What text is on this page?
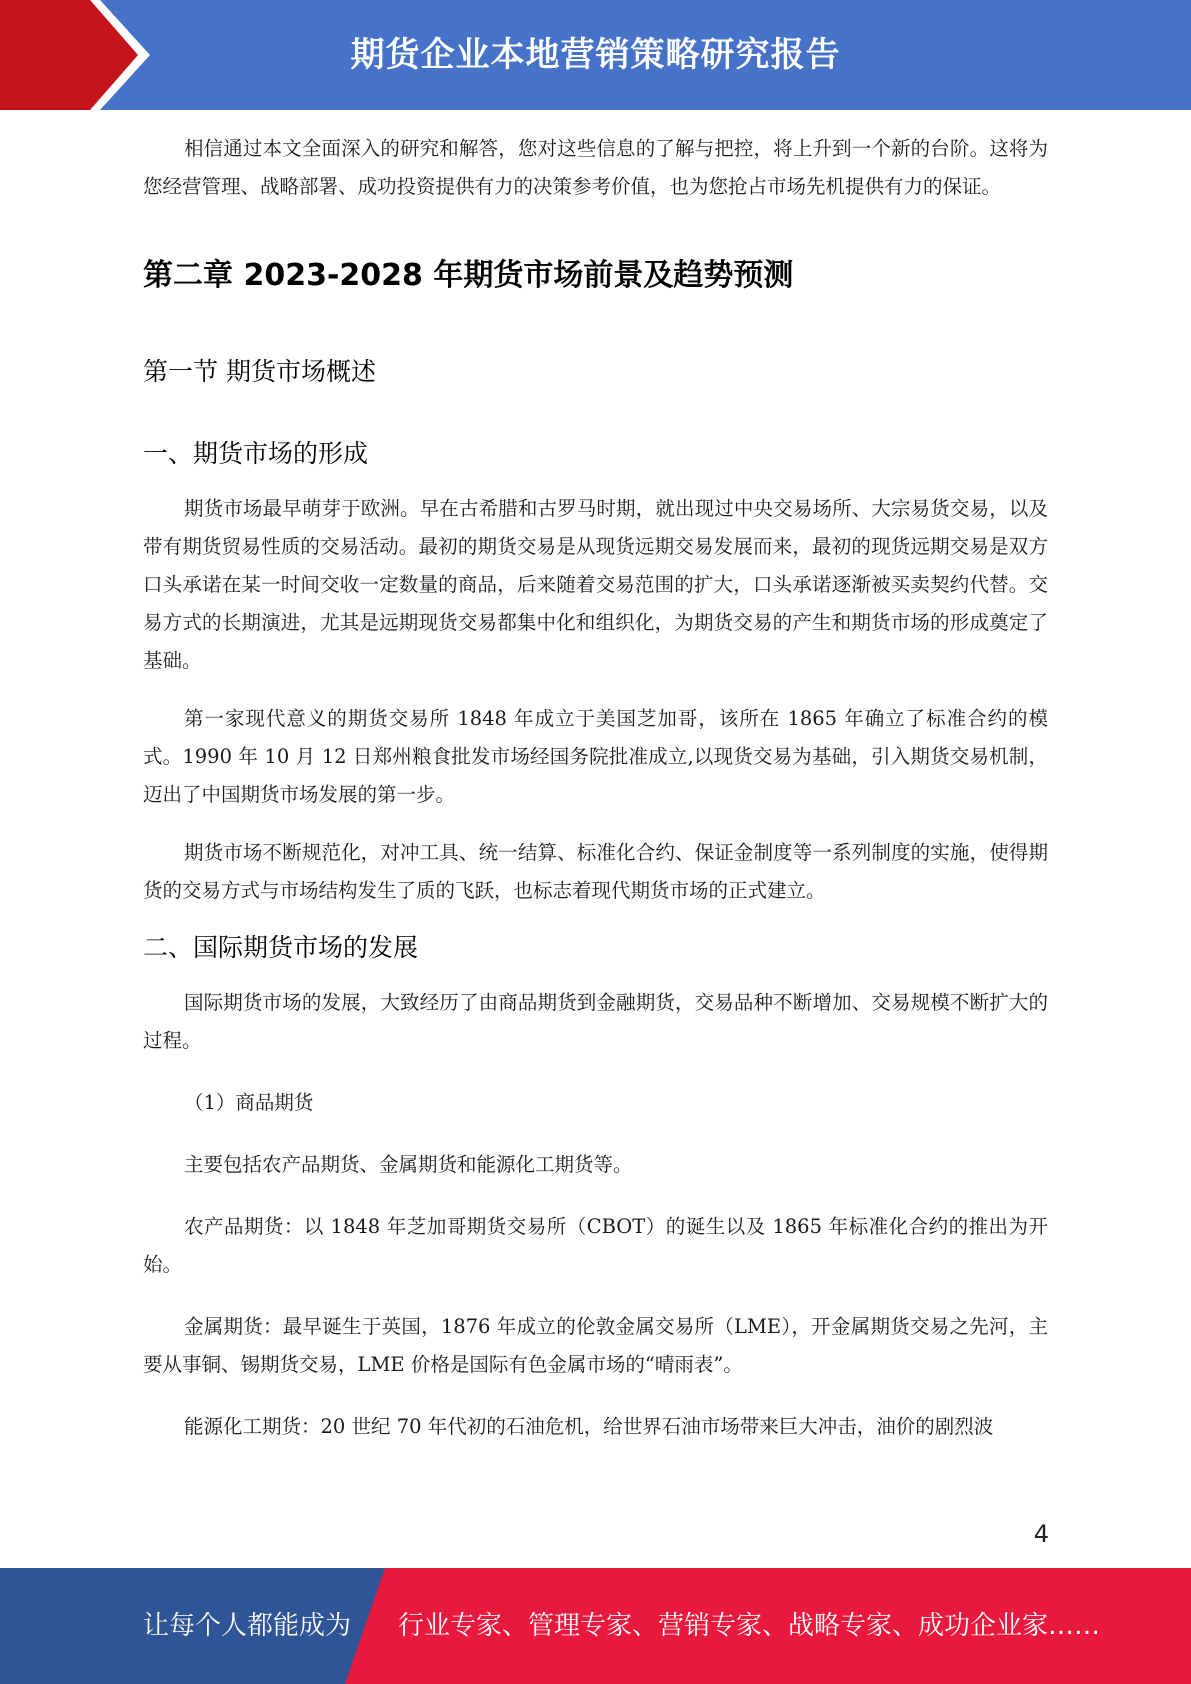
期货企业本地营销策略研究报告

相信通过本文全面深入的研究和解答，您对这些信息的了解与把控，将上升到一个新的台阶。这将为您经营管理、战略部署、成功投资提供有力的决策参考价值，也为您抢占市场先机提供有力的保证。

第二章 2023-2028 年期货市场前景及趋势预测
第一节 期货市场概述
一、期货市场的形成

期货市场最早萌芽于欧洲。早在古希腊和古罗马时期，就出现过中央交易场所、大宗易货交易，以及带有期货贸易性质的交易活动。最初的期货交易是从现货远期交易发展而来，最初的现货远期交易是双方口头承诺在某一时间交收一定数量的商品，后来随着交易范围的扩大，口头承诺逐渐被买卖契约代替。交易方式的长期演进，尤其是远期现货交易都集中化和组织化，为期货交易的产生和期货市场的形成奠定了基础。

第一家现代意义的期货交易所 1848 年成立于美国芝加哥，该所在 1865 年确立了标准合约的模式。1990 年 10 月 12 日郑州粮食批发市场经国务院批准成立,以现货交易为基础，引入期货交易机制，迈出了中国期货市场发展的第一步。

期货市场不断规范化，对冲工具、统一结算、标准化合约、保证金制度等一系列制度的实施，使得期货的交易方式与市场结构发生了质的飞跃，也标志着现代期货市场的正式建立。

二、国际期货市场的发展

国际期货市场的发展，大致经历了由商品期货到金融期货，交易品种不断增加、交易规模不断扩大的过程。

（1）商品期货

主要包括农产品期货、金属期货和能源化工期货等。

农产品期货：以 1848 年芝加哥期货交易所（CBOT）的诞生以及 1865 年标准化合约的推出为开始。

金属期货：最早诞生于英国，1876 年成立的伦敦金属交易所（LME），开金属期货交易之先河，主要从事铜、锡期货交易，LME 价格是国际有色金属市场的“晴雨表”。

能源化工期货：20 世纪 70 年代初的石油危机，给世界石油市场带来巨大冲击，油价的剧烈波

4
让每个人都能成为 行业专家、管理专家、营销专家、战略专家、成功企业家……
